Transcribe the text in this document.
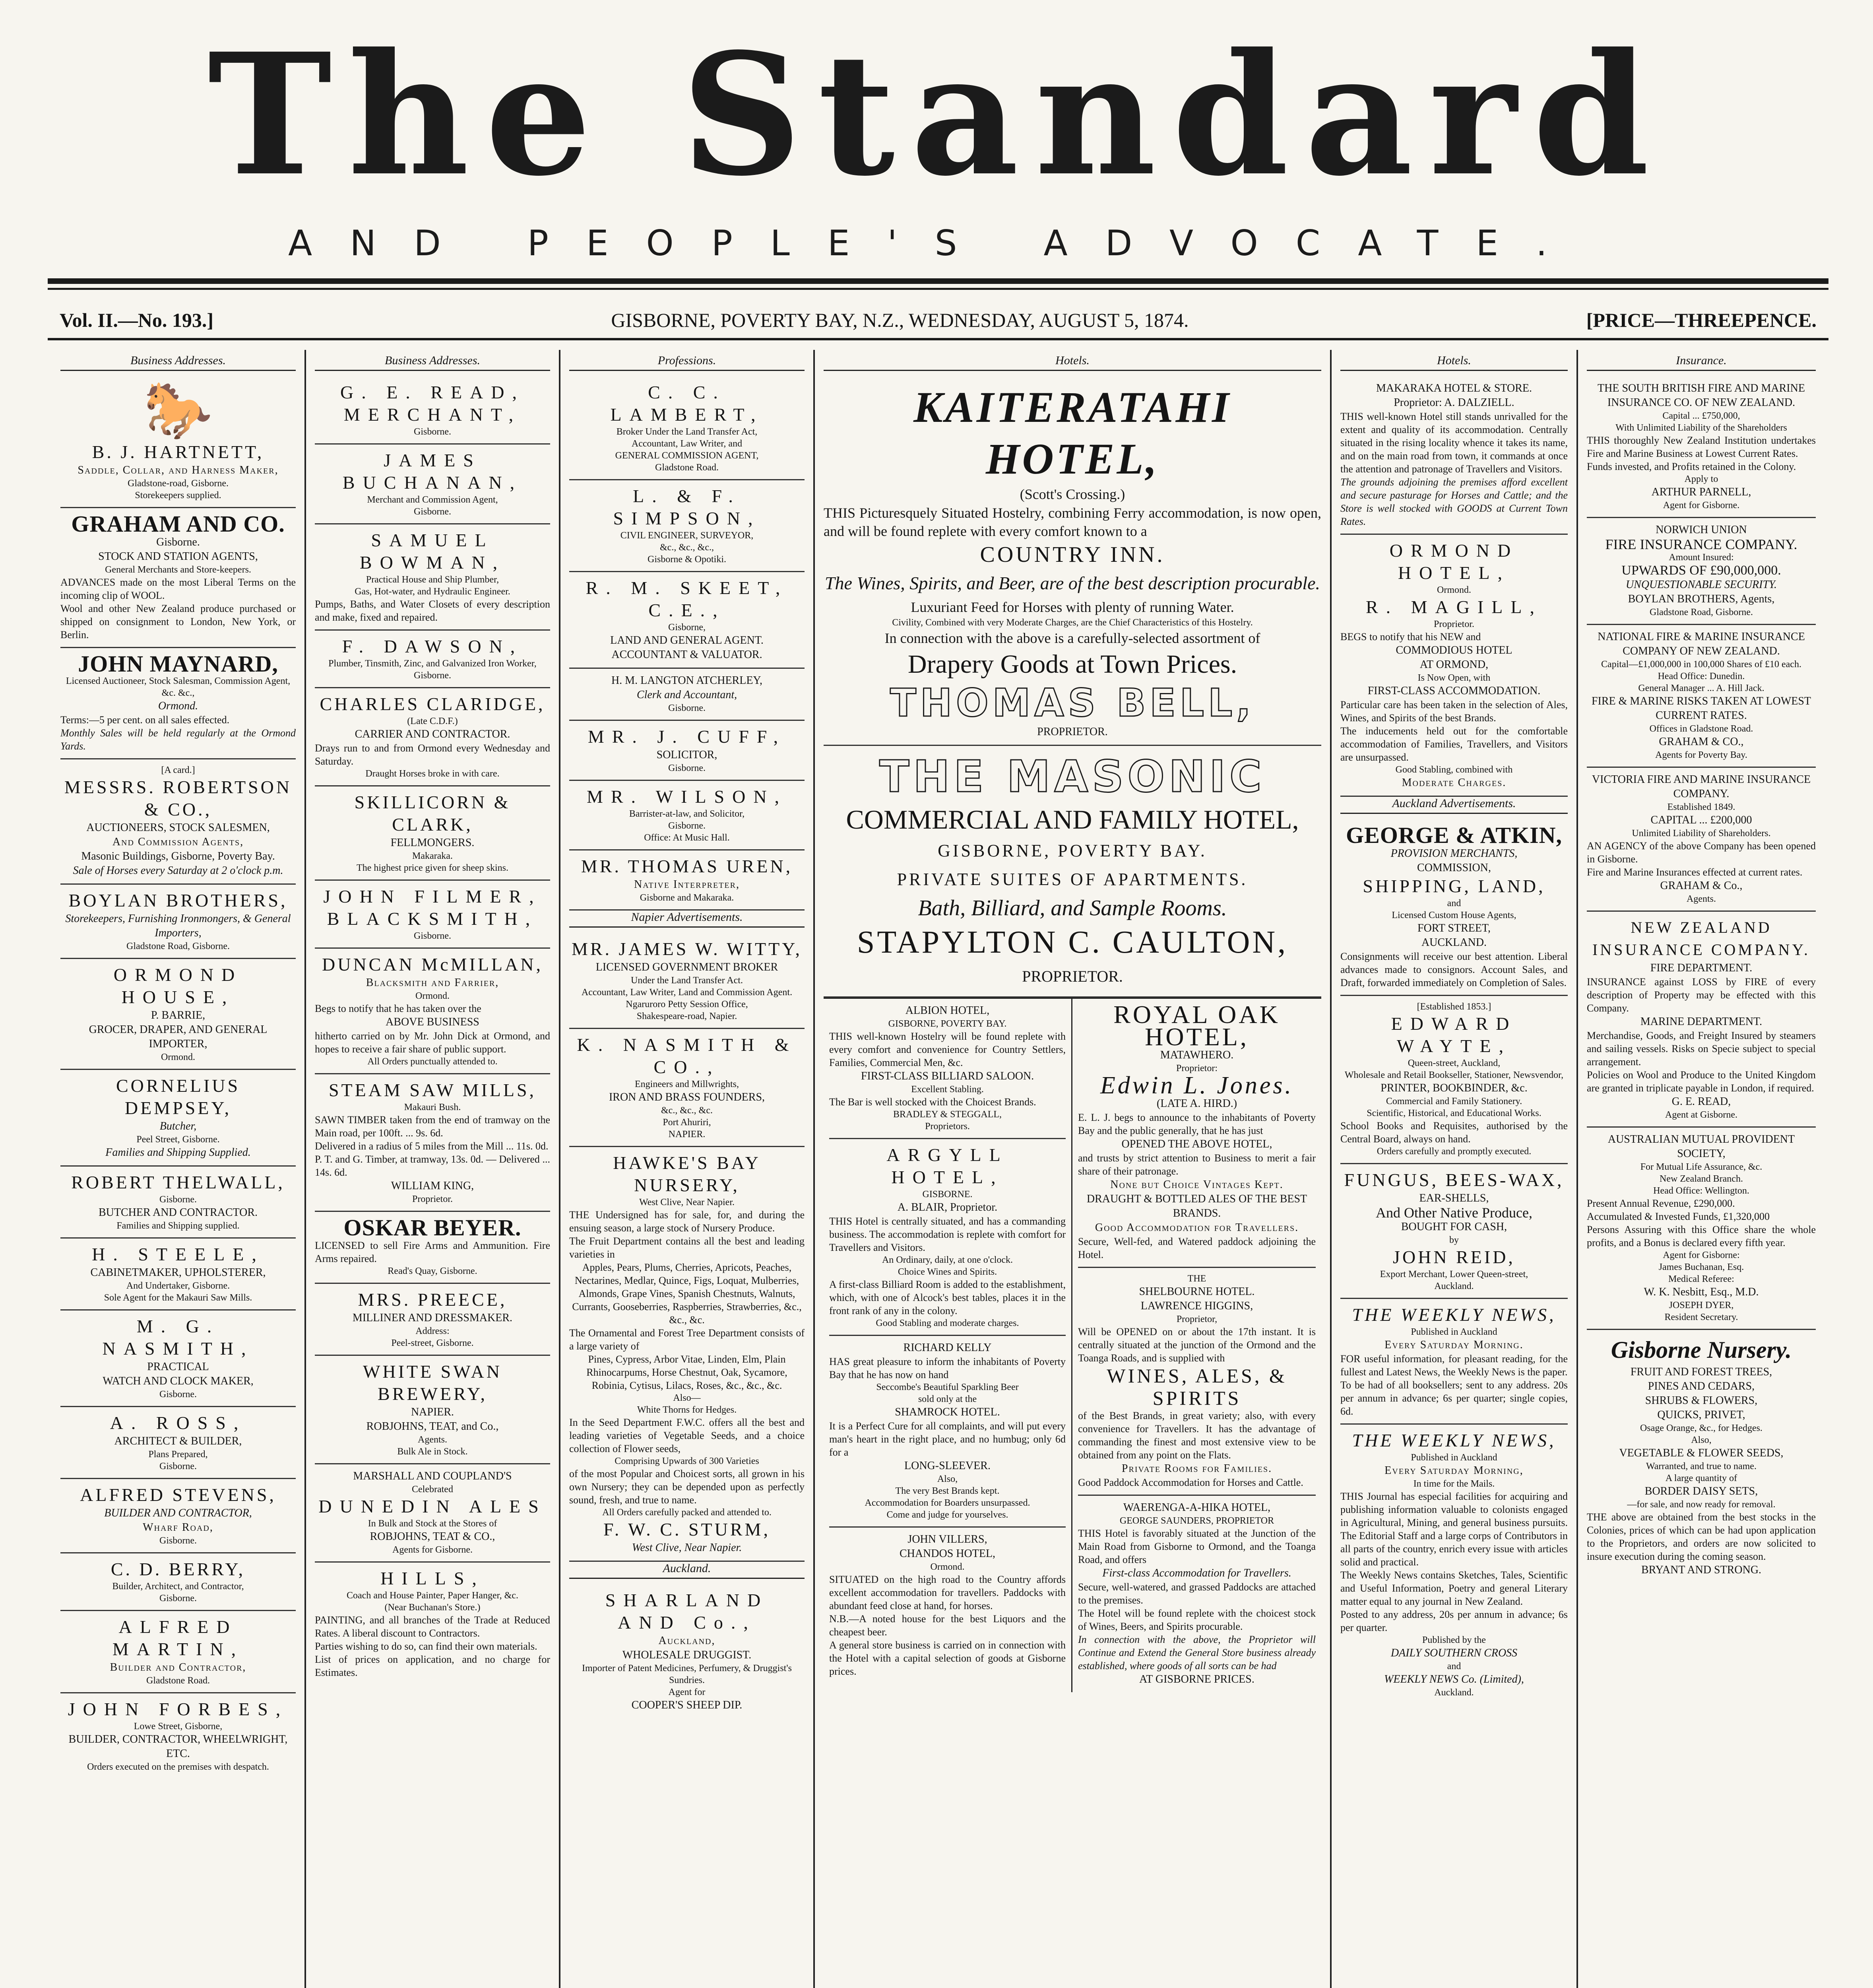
The Standard
AND PEOPLE'S ADVOCATE.
Vol. II.—No. 193.]	GISBORNE, POVERTY BAY, N.Z., WEDNESDAY, AUGUST 5, 1874.	[PRICE—THREEPENCE.
Business Addresses.
🐎
B. J. HARTNETT,
Saddle, Collar, and Harness Maker,
Gladstone-road, Gisborne.
Storekeepers supplied.
GRAHAM AND CO.
Gisborne.
STOCK AND STATION AGENTS,
General Merchants and Store-keepers.
ADVANCES made on the most Liberal Terms on the incoming clip of WOOL.
Wool and other New Zealand produce purchased or shipped on consignment to London, New York, or Berlin.
JOHN MAYNARD,
Licensed Auctioneer, Stock Salesman, Commission Agent, &c. &c.,
Ormond.
Terms:—5 per cent. on all sales effected.
Monthly Sales will be held regularly at the Ormond Yards.
[A card.]
MESSRS. ROBERTSON & CO.,
AUCTIONEERS, STOCK SALESMEN,
And Commission Agents,
Masonic Buildings, Gisborne, Poverty Bay.
Sale of Horses every Saturday at 2 o'clock p.m.
BOYLAN BROTHERS,
Storekeepers, Furnishing Ironmongers, & General Importers,
Gladstone Road, Gisborne.
ORMOND HOUSE,
P. BARRIE,
GROCER, DRAPER, AND GENERAL IMPORTER,
Ormond.
CORNELIUS DEMPSEY,
Butcher,
Peel Street, Gisborne.
Families and Shipping Supplied.
ROBERT THELWALL,
Gisborne.
BUTCHER AND CONTRACTOR.
Families and Shipping supplied.
H. STEELE,
CABINETMAKER, UPHOLSTERER,
And Undertaker, Gisborne.
Sole Agent for the Makauri Saw Mills.
M. G. NASMITH,
PRACTICAL
WATCH AND CLOCK MAKER,
Gisborne.
A. ROSS,
ARCHITECT & BUILDER,
Plans Prepared,
Gisborne.
ALFRED STEVENS,
BUILDER AND CONTRACTOR,
Wharf Road,
Gisborne.
C. D. BERRY,
Builder, Architect, and Contractor,
Gisborne.
ALFRED MARTIN,
Builder and Contractor,
Gladstone Road.
JOHN FORBES,
Lowe Street, Gisborne,
BUILDER, CONTRACTOR, WHEELWRIGHT, ETC.
Orders executed on the premises with despatch.
Business Addresses.
G. E. READ,
MERCHANT,
Gisborne.
JAMES BUCHANAN,
Merchant and Commission Agent,
Gisborne.
SAMUEL BOWMAN,
Practical House and Ship Plumber,
Gas, Hot-water, and Hydraulic Engineer.
Pumps, Baths, and Water Closets of every description and make, fixed and repaired.
F. DAWSON,
Plumber, Tinsmith, Zinc, and Galvanized Iron Worker,
Gisborne.
CHARLES CLARIDGE,
(Late C.D.F.)
CARRIER AND CONTRACTOR.
Drays run to and from Ormond every Wednesday and Saturday.
Draught Horses broke in with care.
SKILLICORN & CLARK,
FELLMONGERS.
Makaraka.
The highest price given for sheep skins.
JOHN FILMER,
BLACKSMITH,
Gisborne.
DUNCAN McMILLAN,
Blacksmith and Farrier,
Ormond.
Begs to notify that he has taken over the
ABOVE BUSINESS
hitherto carried on by Mr. John Dick at Ormond, and hopes to receive a fair share of public support.
All Orders punctually attended to.
STEAM SAW MILLS,
Makauri Bush.
SAWN TIMBER taken from the end of tramway on the Main road, per 100ft. ... 9s. 6d.
Delivered in a radius of 5 miles from the Mill ... 11s. 0d.
P. T. and G. Timber, at tramway, 13s. 0d. — Delivered ... 14s. 6d.
WILLIAM KING,
Proprietor.
OSKAR BEYER.
LICENSED to sell Fire Arms and Ammunition. Fire Arms repaired.
Read's Quay, Gisborne.
MRS. PREECE,
MILLINER AND DRESSMAKER.
Address:
Peel-street, Gisborne.
WHITE SWAN BREWERY,
NAPIER.
ROBJOHNS, TEAT, and Co.,
Agents.
Bulk Ale in Stock.
MARSHALL AND COUPLAND'S
Celebrated
DUNEDIN ALES
In Bulk and Stock at the Stores of
ROBJOHNS, TEAT & CO.,
Agents for Gisborne.
HILLS,
Coach and House Painter, Paper Hanger, &c.
(Near Buchanan's Store.)
PAINTING, and all branches of the Trade at Reduced Rates. A liberal discount to Contractors.
Parties wishing to do so, can find their own materials.
List of prices on application, and no charge for Estimates.
Professions.
C. C. LAMBERT,
Broker Under the Land Transfer Act,
Accountant, Law Writer, and
GENERAL COMMISSION AGENT,
Gladstone Road.
L. & F. SIMPSON,
CIVIL ENGINEER, SURVEYOR,
&c., &c., &c.,
Gisborne & Opotiki.
R. M. SKEET, C.E.,
Gisborne,
LAND AND GENERAL AGENT.
ACCOUNTANT & VALUATOR.
H. M. LANGTON ATCHERLEY,
Clerk and Accountant,
Gisborne.
MR. J. CUFF,
SOLICITOR,
Gisborne.
MR. WILSON,
Barrister-at-law, and Solicitor,
Gisborne.
Office: At Music Hall.
MR. THOMAS UREN,
Native Interpreter,
Gisborne and Makaraka.
Napier Advertisements.
MR. JAMES W. WITTY,
LICENSED GOVERNMENT BROKER
Under the Land Transfer Act.
Accountant, Law Writer, Land and Commission Agent.
Ngaruroro Petty Session Office,
Shakespeare-road, Napier.
K. NASMITH & CO.,
Engineers and Millwrights,
IRON AND BRASS FOUNDERS,
&c., &c., &c.
Port Ahuriri,
NAPIER.
HAWKE'S BAY NURSERY,
West Clive, Near Napier.
THE Undersigned has for sale, for, and during the ensuing season, a large stock of Nursery Produce.
The Fruit Department contains all the best and leading varieties in
Apples, Pears, Plums, Cherries, Apricots, Peaches, Nectarines, Medlar, Quince, Figs, Loquat, Mulberries, Almonds, Grape Vines, Spanish Chestnuts, Walnuts, Currants, Gooseberries, Raspberries, Strawberries, &c., &c., &c.
The Ornamental and Forest Tree Department consists of a large variety of
Pines, Cypress, Arbor Vitae, Linden, Elm, Plain Rhinocarpums, Horse Chestnut, Oak, Sycamore, Robinia, Cytisus, Lilacs, Roses, &c., &c., &c.
Also—
White Thorns for Hedges.
In the Seed Department F.W.C. offers all the best and leading varieties of Vegetable Seeds, and a choice collection of Flower seeds,
Comprising Upwards of 300 Varieties
of the most Popular and Choicest sorts, all grown in his own Nursery; they can be depended upon as perfectly sound, fresh, and true to name.
All Orders carefully packed and attended to.
F. W. C. STURM,
West Clive, Near Napier.
Auckland.
SHARLAND AND Co.,
Auckland,
WHOLESALE DRUGGIST.
Importer of Patent Medicines, Perfumery, & Druggist's Sundries.
Agent for
COOPER'S SHEEP DIP.
Hotels.
KAITERATAHI HOTEL,
(Scott's Crossing.)
THIS Picturesquely Situated Hostelry, combining Ferry accommodation, is now open, and will be found replete with every comfort known to a
COUNTRY INN.
The Wines, Spirits, and Beer, are of the best description procurable.
Luxuriant Feed for Horses with plenty of running Water.
Civility, Combined with very Moderate Charges, are the Chief Characteristics of this Hostelry.
In connection with the above is a carefully-selected assortment of
Drapery Goods at Town Prices.
THOMAS BELL,
PROPRIETOR.
THE MASONIC
COMMERCIAL AND FAMILY HOTEL,
GISBORNE, POVERTY BAY.
PRIVATE SUITES OF APARTMENTS.
Bath, Billiard, and Sample Rooms.
STAPYLTON C. CAULTON,
PROPRIETOR.
ALBION HOTEL,
GISBORNE, POVERTY BAY.
THIS well-known Hostelry will be found replete with every comfort and convenience for Country Settlers, Families, Commercial Men, &c.
FIRST-CLASS BILLIARD SALOON.
Excellent Stabling.
The Bar is well stocked with the Choicest Brands.
BRADLEY & STEGGALL,
Proprietors.
ARGYLL HOTEL,
GISBORNE.
A. BLAIR, Proprietor.
THIS Hotel is centrally situated, and has a commanding business. The accommodation is replete with comfort for Travellers and Visitors.
An Ordinary, daily, at one o'clock.
Choice Wines and Spirits.
A first-class Billiard Room is added to the establishment, which, with one of Alcock's best tables, places it in the front rank of any in the colony.
Good Stabling and moderate charges.
RICHARD KELLY
HAS great pleasure to inform the inhabitants of Poverty Bay that he has now on hand
Seccombe's Beautiful Sparkling Beer
sold only at the
SHAMROCK HOTEL.
It is a Perfect Cure for all complaints, and will put every man's heart in the right place, and no humbug; only 6d for a
LONG-SLEEVER.
Also,
The very Best Brands kept.
Accommodation for Boarders unsurpassed.
Come and judge for yourselves.
JOHN VILLERS,
CHANDOS HOTEL,
Ormond.
SITUATED on the high road to the Country affords excellent accommodation for travellers. Paddocks with abundant feed close at hand, for horses.
N.B.—A noted house for the best Liquors and the cheapest beer.
A general store business is carried on in connection with the Hotel with a capital selection of goods at Gisborne prices.
ROYAL OAK HOTEL,
MATAWHERO.
Proprietor:
Edwin L. Jones.
(LATE A. HIRD.)
E. L. J. begs to announce to the inhabitants of Poverty Bay and the public generally, that he has just
OPENED THE ABOVE HOTEL,
and trusts by strict attention to Business to merit a fair share of their patronage.
None but Choice Vintages Kept.
DRAUGHT & BOTTLED ALES OF THE BEST BRANDS.
Good Accommodation for Travellers.
Secure, Well-fed, and Watered paddock adjoining the Hotel.
THE
SHELBOURNE HOTEL.
LAWRENCE HIGGINS,
Proprietor,
Will be OPENED on or about the 17th instant. It is centrally situated at the junction of the Ormond and the Toanga Roads, and is supplied with
WINES, ALES, & SPIRITS
of the Best Brands, in great variety; also, with every convenience for Travellers. It has the advantage of commanding the finest and most extensive view to be obtained from any point on the Flats.
Private Rooms for Families.
Good Paddock Accommodation for Horses and Cattle.
WAERENGA-A-HIKA HOTEL,
GEORGE SAUNDERS, PROPRIETOR
THIS Hotel is favorably situated at the Junction of the Main Road from Gisborne to Ormond, and the Toanga Road, and offers
First-class Accommodation for Travellers.
Secure, well-watered, and grassed Paddocks are attached to the premises.
The Hotel will be found replete with the choicest stock of Wines, Beers, and Spirits procurable.
In connection with the above, the Proprietor will Continue and Extend the General Store business already established, where goods of all sorts can be had
AT GISBORNE PRICES.
Hotels.
MAKARAKA HOTEL & STORE.
Proprietor: A. DALZIELL.
THIS well-known Hotel still stands unrivalled for the extent and quality of its accommodation. Centrally situated in the rising locality whence it takes its name, and on the main road from town, it commands at once the attention and patronage of Travellers and Visitors.
The grounds adjoining the premises afford excellent and secure pasturage for Horses and Cattle; and the Store is well stocked with GOODS at Current Town Rates.
ORMOND HOTEL,
Ormond.
R. MAGILL,
Proprietor.
BEGS to notify that his NEW and
COMMODIOUS HOTEL
AT ORMOND,
Is Now Open, with
FIRST-CLASS ACCOMMODATION.
Particular care has been taken in the selection of Ales, Wines, and Spirits of the best Brands.
The inducements held out for the comfortable accommodation of Families, Travellers, and Visitors are unsurpassed.
Good Stabling, combined with
Moderate Charges.
Auckland Advertisements.
GEORGE & ATKIN,
PROVISION MERCHANTS,
COMMISSION,
SHIPPING, LAND,
and
Licensed Custom House Agents,
FORT STREET,
AUCKLAND.
Consignments will receive our best attention. Liberal advances made to consignors. Account Sales, and Draft, forwarded immediately on Completion of Sales.
[Established 1853.]
EDWARD WAYTE,
Queen-street, Auckland,
Wholesale and Retail Bookseller, Stationer, Newsvendor,
PRINTER, BOOKBINDER, &c.
Commercial and Family Stationery.
Scientific, Historical, and Educational Works.
School Books and Requisites, authorised by the Central Board, always on hand.
Orders carefully and promptly executed.
FUNGUS, BEES-WAX,
EAR-SHELLS,
And Other Native Produce,
BOUGHT FOR CASH,
by
JOHN REID,
Export Merchant, Lower Queen-street,
Auckland.
THE WEEKLY NEWS,
Published in Auckland
Every Saturday Morning.
FOR useful information, for pleasant reading, for the fullest and Latest News, the Weekly News is the paper.
To be had of all booksellers; sent to any address. 20s per annum in advance; 6s per quarter; single copies, 6d.
THE WEEKLY NEWS,
Published in Auckland
Every Saturday Morning,
In time for the Mails.
THIS Journal has especial facilities for acquiring and publishing information valuable to colonists engaged in Agricultural, Mining, and general business pursuits. The Editorial Staff and a large corps of Contributors in all parts of the country, enrich every issue with articles solid and practical.
The Weekly News contains Sketches, Tales, Scientific and Useful Information, Poetry and general Literary matter equal to any journal in New Zealand.
Posted to any address, 20s per annum in advance; 6s per quarter.
Published by the
DAILY SOUTHERN CROSS
and
WEEKLY NEWS Co. (Limited),
Auckland.
Insurance.
THE SOUTH BRITISH FIRE AND MARINE INSURANCE CO. OF NEW ZEALAND.
Capital ... £750,000,
With Unlimited Liability of the Shareholders
THIS thoroughly New Zealand Institution undertakes Fire and Marine Business at Lowest Current Rates.
Funds invested, and Profits retained in the Colony.
Apply to
ARTHUR PARNELL,
Agent for Gisborne.
NORWICH UNION
FIRE INSURANCE COMPANY.
Amount Insured:
UPWARDS OF £90,000,000.
UNQUESTIONABLE SECURITY.
BOYLAN BROTHERS, Agents,
Gladstone Road, Gisborne.
NATIONAL FIRE & MARINE INSURANCE COMPANY OF NEW ZEALAND.
Capital—£1,000,000 in 100,000 Shares of £10 each.
Head Office: Dunedin.
General Manager ... A. Hill Jack.
FIRE & MARINE RISKS TAKEN AT LOWEST CURRENT RATES.
Offices in Gladstone Road.
GRAHAM & CO.,
Agents for Poverty Bay.
VICTORIA FIRE AND MARINE INSURANCE COMPANY.
Established 1849.
CAPITAL ... £200,000
Unlimited Liability of Shareholders.
AN AGENCY of the above Company has been opened in Gisborne.
Fire and Marine Insurances effected at current rates.
GRAHAM & Co.,
Agents.
NEW ZEALAND INSURANCE COMPANY.
FIRE DEPARTMENT.
INSURANCE against LOSS by FIRE of every description of Property may be effected with this Company.
MARINE DEPARTMENT.
Merchandise, Goods, and Freight Insured by steamers and sailing vessels. Risks on Specie subject to special arrangement.
Policies on Wool and Produce to the United Kingdom are granted in triplicate payable in London, if required.
G. E. READ,
Agent at Gisborne.
AUSTRALIAN MUTUAL PROVIDENT SOCIETY,
For Mutual Life Assurance, &c.
New Zealand Branch.
Head Office: Wellington.
Present Annual Revenue, £290,000.
Accumulated & Invested Funds, £1,320,000
Persons Assuring with this Office share the whole profits, and a Bonus is declared every fifth year.
Agent for Gisborne:
James Buchanan, Esq.
Medical Referee:
W. K. Nesbitt, Esq., M.D.
JOSEPH DYER,
Resident Secretary.
Gisborne Nursery.
FRUIT AND FOREST TREES,
PINES AND CEDARS,
SHRUBS & FLOWERS,
QUICKS, PRIVET,
Osage Orange, &c., for Hedges.
Also,
VEGETABLE & FLOWER SEEDS,
Warranted, and true to name.
A large quantity of
BORDER DAISY SETS,
—for sale, and now ready for removal.
THE above are obtained from the best stocks in the Colonies, prices of which can be had upon application to the Proprietors, and orders are now solicited to insure execution during the coming season.
BRYANT AND STRONG.
